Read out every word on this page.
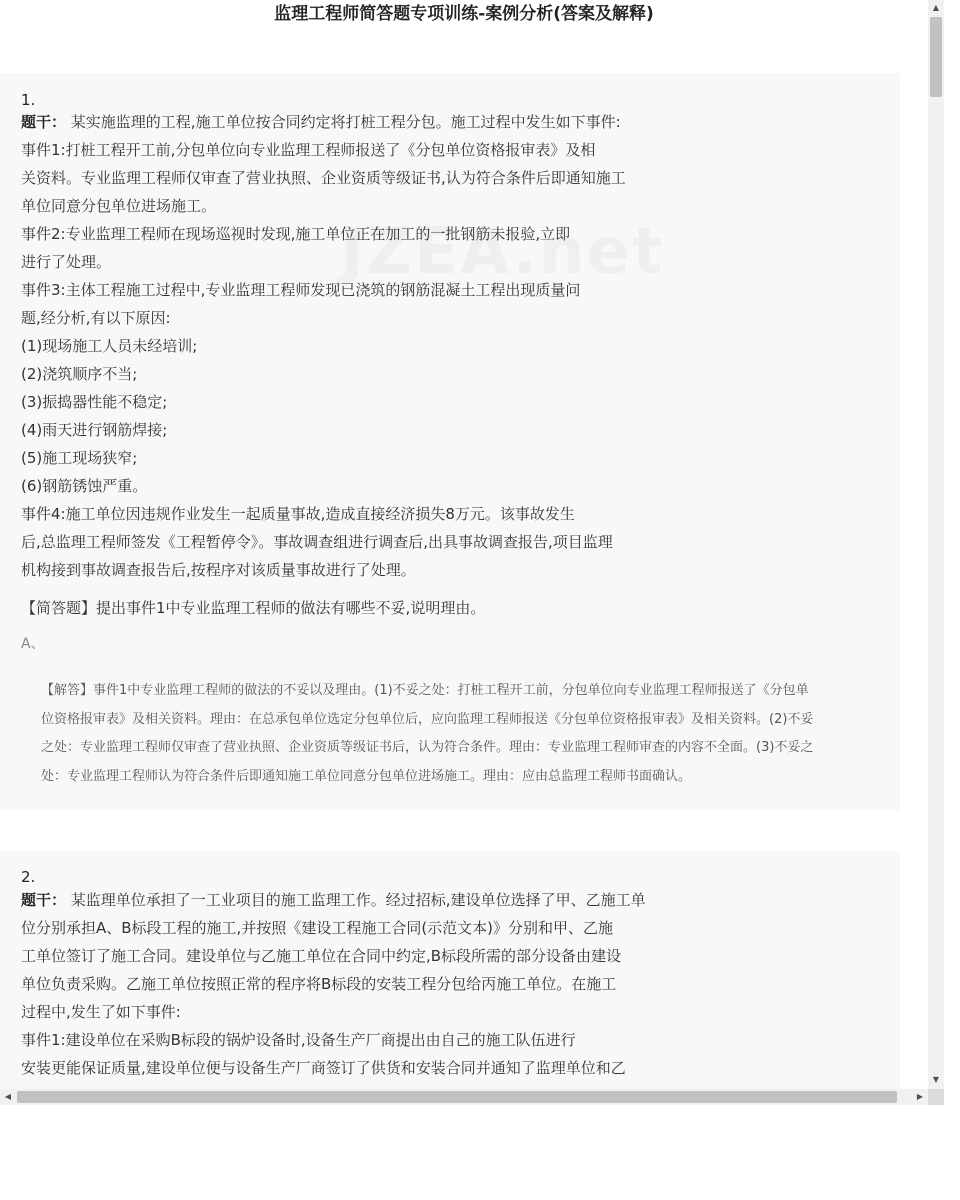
监理工程师简答题专项训练-案例分析(答案及解释)
1.
题干： 某实施监理的工程,施工单位按合同约定将打桩工程分包。施工过程中发生如下事件:
事件1:打桩工程开工前,分包单位向专业监理工程师报送了《分包单位资格报审表》及相
关资料。专业监理工程师仅审查了营业执照、企业资质等级证书,认为符合条件后即通知施工
单位同意分包单位进场施工。
事件2:专业监理工程师在现场巡视时发现,施工单位正在加工的一批钢筋未报验,立即
进行了处理。
事件3:主体工程施工过程中,专业监理工程师发现已浇筑的钢筋混凝土工程出现质量问
题,经分析,有以下原因:
(1)现场施工人员未经培训;
(2)浇筑顺序不当;
(3)振捣器性能不稳定;
(4)雨天进行钢筋焊接;
(5)施工现场狭窄;
(6)钢筋锈蚀严重。
事件4:施工单位因违规作业发生一起质量事故,造成直接经济损失8万元。该事故发生
后,总监理工程师签发《工程暂停令》。事故调查组进行调查后,出具事故调查报告,项目监理
机构接到事故调查报告后,按程序对该质量事故进行了处理。
【简答题】提出事件1中专业监理工程师的做法有哪些不妥,说明理由。
A、
【解答】事件1中专业监理工程师的做法的不妥以及理由。(1)不妥之处：打桩工程开工前，分包单位向专业监理工程师报送了《分包单
位资格报审表》及相关资料。理由：在总承包单位选定分包单位后，应向监理工程师报送《分包单位资格报审表》及相关资料。(2)不妥
之处：专业监理工程师仅审查了营业执照、企业资质等级证书后，认为符合条件。理由：专业监理工程师审查的内容不全面。(3)不妥之
处：专业监理工程师认为符合条件后即通知施工单位同意分包单位进场施工。理由：应由总监理工程师书面确认。
2.
题干： 某监理单位承担了一工业项目的施工监理工作。经过招标,建设单位选择了甲、乙施工单
位分别承担A、B标段工程的施工,并按照《建设工程施工合同(示范文本)》分别和甲、乙施
工单位签订了施工合同。建设单位与乙施工单位在合同中约定,B标段所需的部分设备由建设
单位负责采购。乙施工单位按照正常的程序将B标段的安装工程分包给丙施工单位。在施工
过程中,发生了如下事件:
事件1:建设单位在采购B标段的锅炉设备时,设备生产厂商提出由自己的施工队伍进行
安装更能保证质量,建设单位便与设备生产厂商签订了供货和安装合同并通知了监理单位和乙
▲
▼
◀	▶
